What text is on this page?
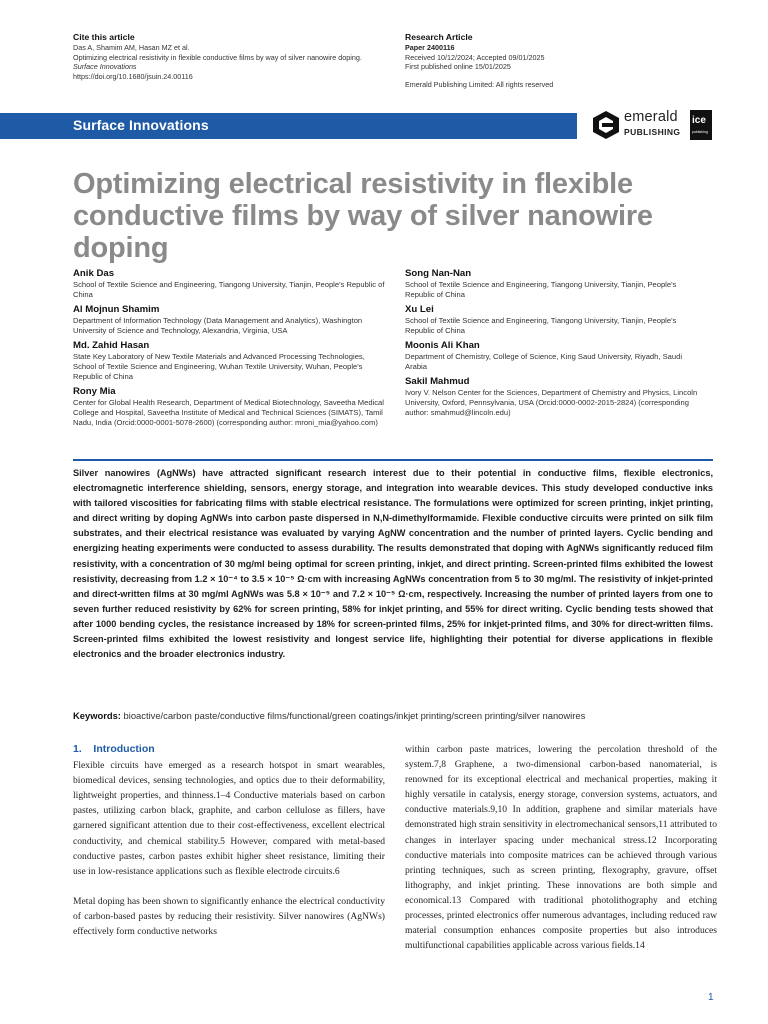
Cite this article
Das A, Shamim AM, Hasan MZ et al.
Optimizing electrical resistivity in flexible conductive films by way of silver nanowire doping.
Surface Innovations
https://doi.org/10.1680/jsuin.24.00116
Research Article
Paper 2400116
Received 10/12/2024; Accepted 09/01/2025
First published online 15/01/2025
Emerald Publishing Limited: All rights reserved
Surface Innovations	emerald
PUBLISHING
ice
publishing
Optimizing electrical resistivity in flexible conductive films by way of silver nanowire doping
Anik Das
School of Textile Science and Engineering, Tiangong University, Tianjin, People's Republic of China
Al Mojnun Shamim
Department of Information Technology (Data Management and Analytics), Washington University of Science and Technology, Alexandria, Virginia, USA
Md. Zahid Hasan
State Key Laboratory of New Textile Materials and Advanced Processing Technologies, School of Textile Science and Engineering, Wuhan Textile University, Wuhan, People's Republic of China
Rony Mia
Center for Global Health Research, Department of Medical Biotechnology, Saveetha Medical College and Hospital, Saveetha Institute of Medical and Technical Sciences (SIMATS), Tamil Nadu, India (Orcid:0000-0001-5078-2600) (corresponding author: mroni_mia@yahoo.com)
Song Nan-Nan
School of Textile Science and Engineering, Tiangong University, Tianjin, People's Republic of China
Xu Lei
School of Textile Science and Engineering, Tiangong University, Tianjin, People's Republic of China
Moonis Ali Khan
Department of Chemistry, College of Science, King Saud University, Riyadh, Saudi Arabia
Sakil Mahmud
Ivory V. Nelson Center for the Sciences, Department of Chemistry and Physics, Lincoln University, Oxford, Pennsylvania, USA (Orcid:0000-0002-2015-2824) (corresponding author: smahmud@lincoln.edu)

Silver nanowires (AgNWs) have attracted significant research interest due to their potential in conductive films, flexible electronics, electromagnetic interference shielding, sensors, energy storage, and integration into wearable devices. This study developed conductive inks with tailored viscosities for fabricating films with stable electrical resistance. The formulations were optimized for screen printing, inkjet printing, and direct writing by doping AgNWs into carbon paste dispersed in N,N-dimethylformamide. Flexible conductive circuits were printed on silk film substrates, and their electrical resistance was evaluated by varying AgNW concentration and the number of printed layers. Cyclic bending and energizing heating experiments were conducted to assess durability. The results demonstrated that doping with AgNWs significantly reduced film resistivity, with a concentration of 30 mg/ml being optimal for screen printing, inkjet, and direct printing. Screen-printed films exhibited the lowest resistivity, decreasing from 1.2 × 10⁻⁴ to 3.5 × 10⁻⁵ Ω·cm with increasing AgNWs concentration from 5 to 30 mg/ml. The resistivity of inkjet-printed and direct-written films at 30 mg/ml AgNWs was 5.8 × 10⁻⁵ and 7.2 × 10⁻⁵ Ω·cm, respectively. Increasing the number of printed layers from one to seven further reduced resistivity by 62% for screen printing, 58% for inkjet printing, and 55% for direct writing. Cyclic bending tests showed that after 1000 bending cycles, the resistance increased by 18% for screen-printed films, 25% for inkjet-printed films, and 30% for direct-written films. Screen-printed films exhibited the lowest resistivity and longest service life, highlighting their potential for diverse applications in flexible electronics and the broader electronics industry.

Keywords: bioactive/carbon paste/conductive films/functional/green coatings/inkjet printing/screen printing/silver nanowires
1.    Introduction

Flexible circuits have emerged as a research hotspot in smart wearables, biomedical devices, sensing technologies, and optics due to their deformability, lightweight properties, and thinness.1–4 Conductive materials based on carbon pastes, utilizing carbon black, graphite, and carbon cellulose as fillers, have garnered significant attention due to their cost-effectiveness, excellent electrical conductivity, and chemical stability.5 However, compared with metal-based conductive pastes, carbon pastes exhibit higher sheet resistance, limiting their use in low-resistance applications such as flexible electrode circuits.6

Metal doping has been shown to significantly enhance the electrical conductivity of carbon-based pastes by reducing their resistivity. Silver nanowires (AgNWs) effectively form conductive networks

within carbon paste matrices, lowering the percolation threshold of the system.7,8 Graphene, a two-dimensional carbon-based nanomaterial, is renowned for its exceptional electrical and mechanical properties, making it highly versatile in catalysis, energy storage, conversion systems, actuators, and conductive materials.9,10 In addition, graphene and similar materials have demonstrated high strain sensitivity in electromechanical sensors,11 attributed to changes in interlayer spacing under mechanical stress.12 Incorporating conductive materials into composite matrices can be achieved through various printing techniques, such as screen printing, flexography, gravure, offset lithography, and inkjet printing. These innovations are both simple and economical.13 Compared with traditional photolithography and etching processes, printed electronics offer numerous advantages, including reduced raw material consumption enhances composite properties but also introduces multifunctional capabilities applicable across various fields.14

1
